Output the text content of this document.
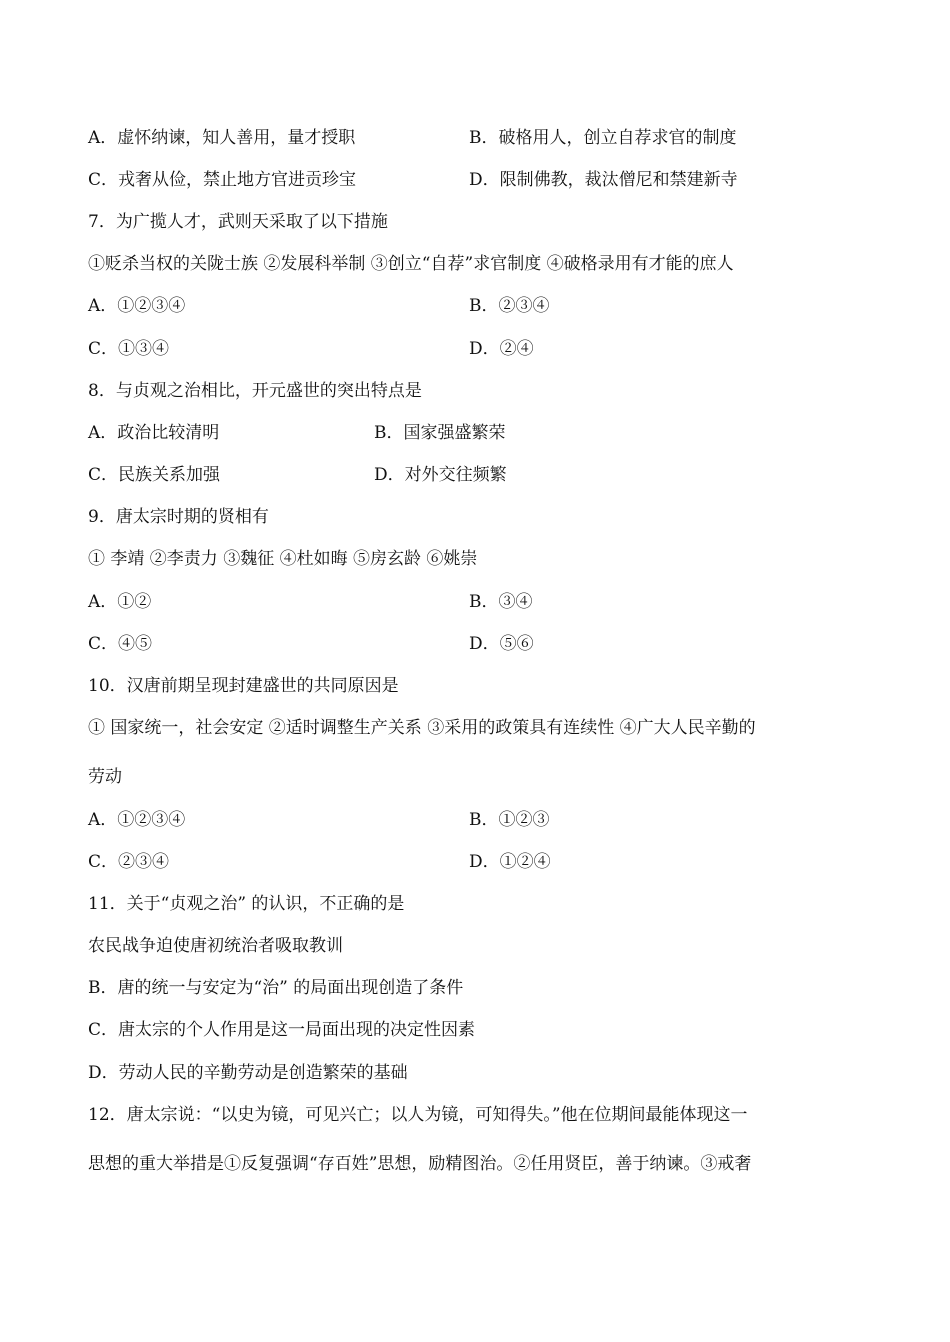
A．虚怀纳谏，知人善用，量才授职	B．破格用人，创立自荐求官的制度
C．戎奢从俭，禁止地方官进贡珍宝	D．限制佛教，裁汰僧尼和禁建新寺
7．为广揽人才，武则天采取了以下措施
①贬杀当权的关陇士族 ②发展科举制 ③创立“自荐”求官制度 ④破格录用有才能的庶人
A．①②③④	B．②③④
C．①③④	D．②④
8．与贞观之治相比，开元盛世的突出特点是
A．政治比较清明	B．国家强盛繁荣
C．民族关系加强	D．对外交往频繁
9．唐太宗时期的贤相有
① 李靖 ②李责力 ③魏征 ④杜如晦 ⑤房玄龄 ⑥姚崇
A．①②	B．③④
C．④⑤	D．⑤⑥
10．汉唐前期呈现封建盛世的共同原因是
① 国家统一，社会安定 ②适时调整生产关系 ③采用的政策具有连续性 ④广大人民辛勤的
劳动
A．①②③④	B．①②③
C．②③④	D．①②④
11．关于“贞观之治” 的认识，不正确的是
农民战争迫使唐初统治者吸取教训
B．唐的统一与安定为“治” 的局面出现创造了条件
C．唐太宗的个人作用是这一局面出现的决定性因素
D．劳动人民的辛勤劳动是创造繁荣的基础
12．唐太宗说：“以史为镜，可见兴亡；以人为镜，可知得失。”他在位期间最能体现这一
思想的重大举措是①反复强调“存百姓”思想，励精图治。②任用贤臣，善于纳谏。③戒奢
